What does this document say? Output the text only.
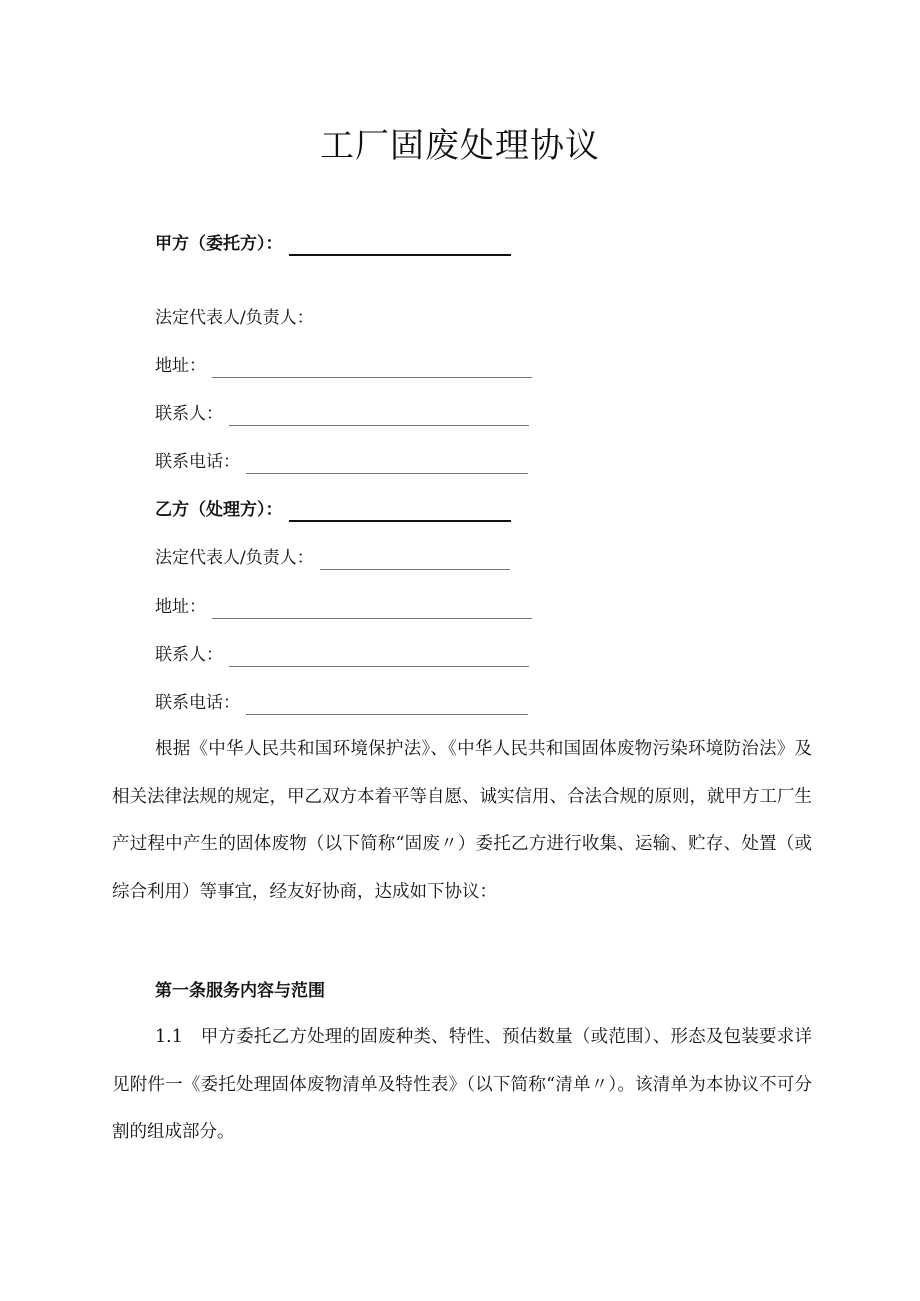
工厂固废处理协议
甲方（委托方）：
法定代表人/负责人：
地址：
联系人：
联系电话：
乙方（处理方）：
法定代表人/负责人：
地址：
联系人：
联系电话：

根据《中华人民共和国环境保护法》、《中华人民共和国固体废物污染环境防治法》及相关法律法规的规定，甲乙双方本着平等自愿、诚实信用、合法合规的原则，就甲方工厂生产过程中产生的固体废物（以下简称“固废〃）委托乙方进行收集、运输、贮存、处置（或综合利用）等事宜，经友好协商，达成如下协议：

第一条服务内容与范围

1.1　甲方委托乙方处理的固废种类、特性、预估数量（或范围）、形态及包装要求详见附件一《委托处理固体废物清单及特性表》（以下简称“清单〃）。该清单为本协议不可分割的组成部分。
